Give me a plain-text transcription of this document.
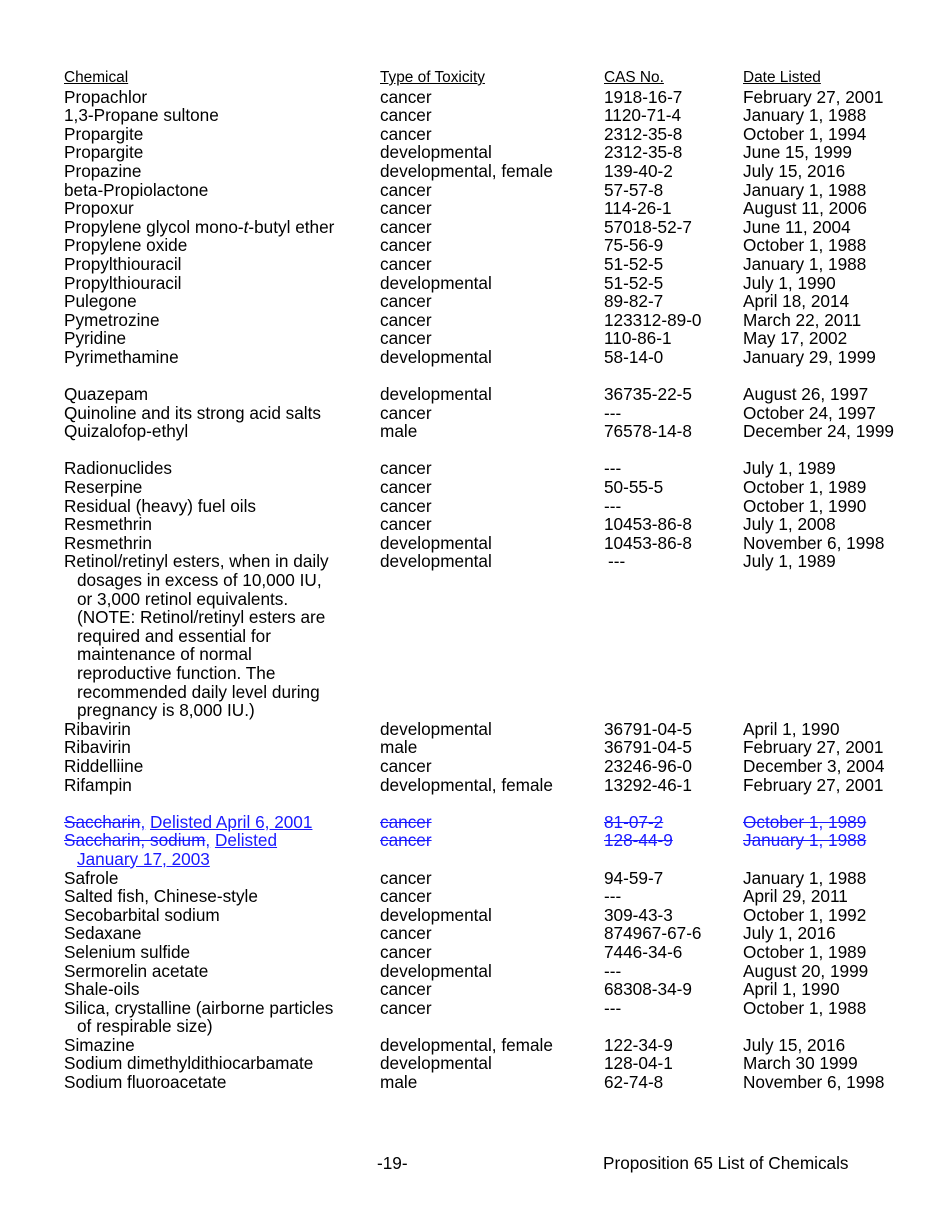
Chemical	Type of Toxicity	CAS No.	Date Listed
Propachlor	cancer	1918-16-7	February 27, 2001
1,3-Propane sultone	cancer	1120-71-4	January 1, 1988
Propargite	cancer	2312-35-8	October 1, 1994
Propargite	developmental	2312-35-8	June 15, 1999
Propazine	developmental, female	139-40-2	July 15, 2016
beta-Propiolactone	cancer	57-57-8	January 1, 1988
Propoxur	cancer	114-26-1	August 11, 2006
Propylene glycol mono-t-butyl ether	cancer	57018-52-7	June 11, 2004
Propylene oxide	cancer	75-56-9	October 1, 1988
Propylthiouracil	cancer	51-52-5	January 1, 1988
Propylthiouracil	developmental	51-52-5	July 1, 1990
Pulegone	cancer	89-82-7	April 18, 2014
Pymetrozine	cancer	123312-89-0 March 22, 2011
Pyridine	cancer	110-86-1	May 17, 2002
Pyrimethamine	developmental	58-14-0	January 29, 1999
Quazepam	developmental	36735-22-5	August 26, 1997
Quinoline and its strong acid salts	cancer	---	October 24, 1997
Quizalofop-ethyl	male	76578-14-8	December 24, 1999
Radionuclides	cancer	---	July 1, 1989
Reserpine	cancer	50-55-5	October 1, 1989
Residual (heavy) fuel oils	cancer	---	October 1, 1990
Resmethrin	cancer	10453-86-8	July 1, 2008
Resmethrin	developmental	10453-86-8	November 6, 1998
Retinol/retinyl esters, when in daily	developmental	---	July 1, 1989
dosages in excess of 10,000 IU,
or 3,000 retinol equivalents.
(NOTE: Retinol/retinyl esters are
required and essential for
maintenance of normal
reproductive function. The
recommended daily level during
pregnancy is 8,000 IU.)
Ribavirin	developmental	36791-04-5	April 1, 1990
Ribavirin	male	36791-04-5	February 27, 2001
Riddelliine	cancer	23246-96-0	December 3, 2004
Rifampin	developmental, female	13292-46-1	February 27, 2001
Saccharin, Delisted April 6, 2001	cancer	81-07-2	October 1, 1989
Saccharin, sodium, Delisted	cancer	128-44-9	January 1, 1988
January 17, 2003
Safrole	cancer	94-59-7	January 1, 1988
Salted fish, Chinese-style	cancer	---	April 29, 2011
Secobarbital sodium	developmental	309-43-3	October 1, 1992
Sedaxane	cancer	874967-67-6 July 1, 2016
Selenium sulfide	cancer	7446-34-6	October 1, 1989
Sermorelin acetate	developmental	---	August 20, 1999
Shale-oils	cancer	68308-34-9	April 1, 1990
Silica, crystalline (airborne particles	cancer	---	October 1, 1988
of respirable size)
Simazine	developmental, female	122-34-9	July 15, 2016
Sodium dimethyldithiocarbamate	developmental	128-04-1	March 30 1999
Sodium fluoroacetate	male	62-74-8	November 6, 1998
-19-	Proposition 65 List of Chemicals
